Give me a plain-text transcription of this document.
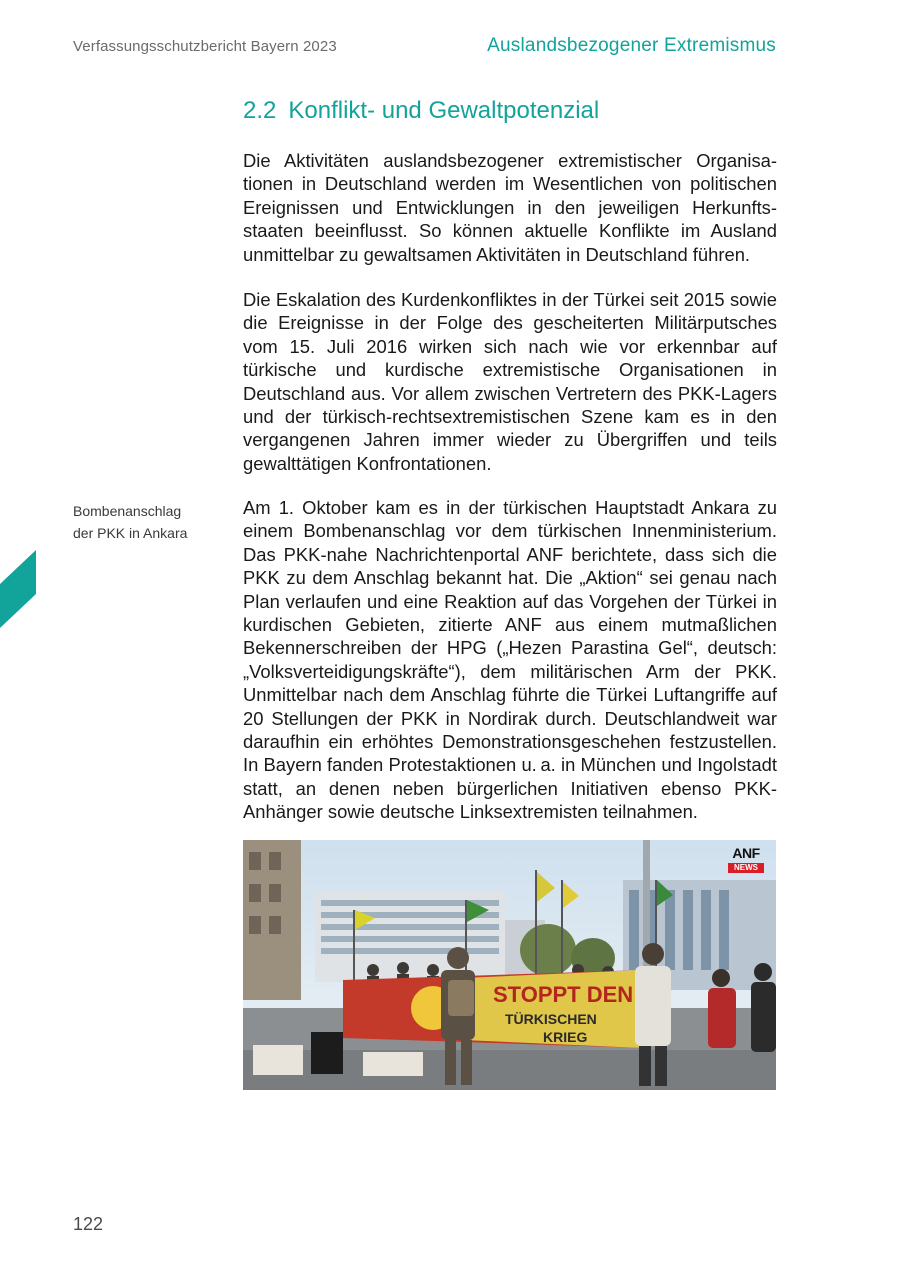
Verfassungsschutzbericht Bayern 2023	Auslandsbezogener Extremismus
2.2 Konflikt- und Gewaltpotenzial

Die Aktivitäten auslandsbezogener extremistischer Organisationen in Deutschland werden im Wesentlichen von politischen Ereignissen und Entwicklungen in den jeweiligen Herkunftsstaaten beeinflusst. So können aktuelle Konflikte im Ausland unmittelbar zu gewaltsamen Aktivitäten in Deutschland führen.

Die Eskalation des Kurdenkonfliktes in der Türkei seit 2015 sowie die Ereignisse in der Folge des gescheiterten Militärputsches vom 15. Juli 2016 wirken sich nach wie vor erkennbar auf türkische und kurdische extremistische Organisationen in Deutschland aus. Vor allem zwischen Vertretern des PKK-Lagers und der türkisch-rechtsextremistischen Szene kam es in den vergangenen Jahren immer wieder zu Übergriffen und teils gewalttätigen Konfrontationen.

Bombenanschlag
der PKK in Ankara

Am 1. Oktober kam es in der türkischen Hauptstadt Ankara zu einem Bombenanschlag vor dem türkischen Innenministerium. Das PKK-nahe Nachrichtenportal ANF berichtete, dass sich die PKK zu dem Anschlag bekannt hat. Die „Aktion“ sei genau nach Plan verlaufen und eine Reaktion auf das Vorgehen der Türkei in kurdischen Gebieten, zitierte ANF aus einem mutmaßlichen Bekennerschreiben der HPG („Hezen Parastina Gel“, deutsch: „Volksverteidigungskräfte“), dem militärischen Arm der PKK. Unmittelbar nach dem Anschlag führte die Türkei Luftangriffe auf 20 Stellungen der PKK in Nordirak durch. Deutschlandweit war daraufhin ein erhöhtes Demonstrationsgeschehen festzustellen. In Bayern fanden Protestaktionen u. a. in München und Ingolstadt statt, an denen neben bürgerlichen Initiativen ebenso PKK-Anhänger sowie deutsche Linksextremisten teilnahmen.

STOPPT DEN
TÜRKISCHEN
KRIEG
ANF
NEWS
122
